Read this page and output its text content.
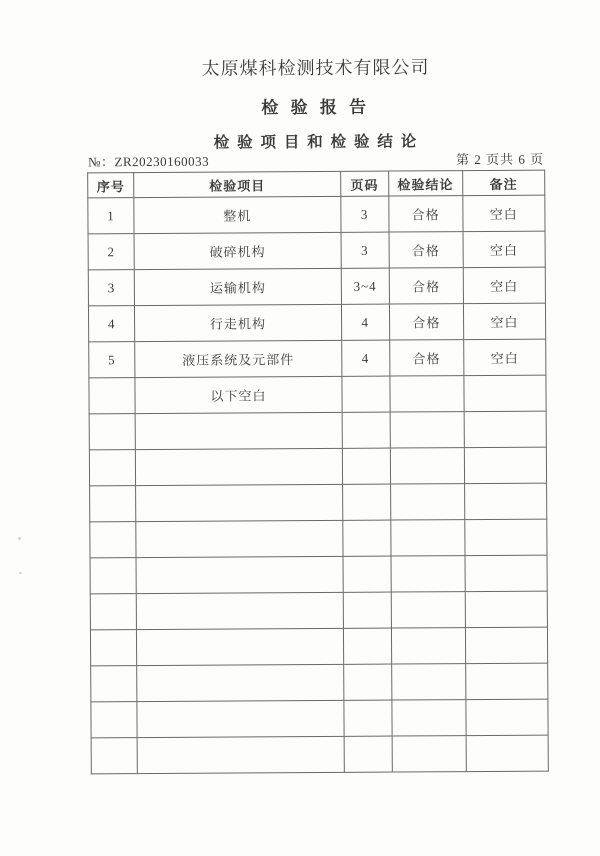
太原煤科检测技术有限公司
检 验 报 告
检 验 项 目 和 检 验 结 论
№：ZR20230160033	第 2 页共 6 页
序号	检验项目	页码	检验结论	备注
1	整机	3	合格	空白
2	破碎机构	3	合格	空白
3	运输机构	3~4	合格	空白
4	行走机构	4	合格	空白
5	液压系统及元部件	4	合格	空白
	以下空白			
